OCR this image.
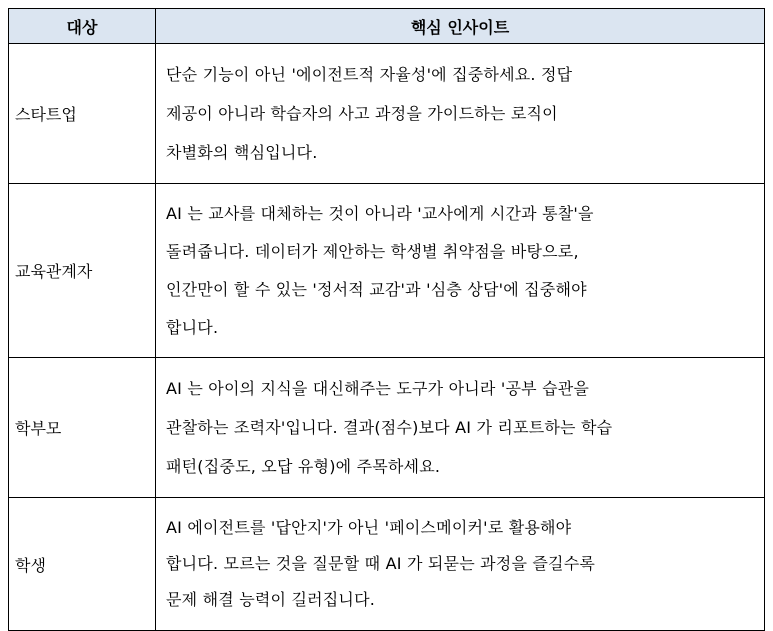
대상	핵심 인사이트
스타트업	단순 기능이 아닌 '에이전트적 자율성'에 집중하세요. 정답
제공이 아니라 학습자의 사고 과정을 가이드하는 로직이
차별화의 핵심입니다.

교육관계자	AI 는 교사를 대체하는 것이 아니라 '교사에게 시간과 통찰'을
돌려줍니다. 데이터가 제안하는 학생별 취약점을 바탕으로,
인간만이 할 수 있는 '정서적 교감'과 '심층 상담'에 집중해야
합니다.

학부모	AI 는 아이의 지식을 대신해주는 도구가 아니라 '공부 습관을
관찰하는 조력자'입니다. 결과(점수)보다 AI 가 리포트하는 학습
패턴(집중도, 오답 유형)에 주목하세요.

학생	AI 에이전트를 '답안지'가 아닌 '페이스메이커'로 활용해야
합니다. 모르는 것을 질문할 때 AI 가 되묻는 과정을 즐길수록
문제 해결 능력이 길러집니다.
